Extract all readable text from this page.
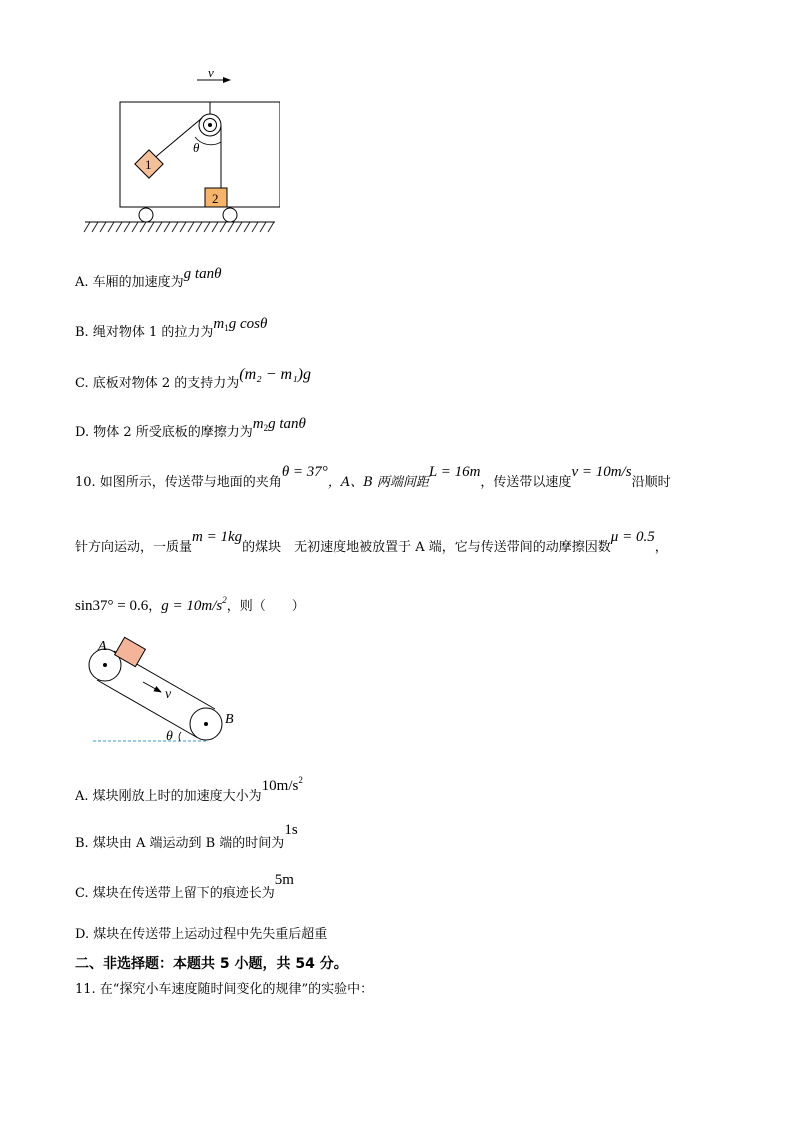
v
θ
1
2
A. 车厢的加速度为g tanθ
B. 绳对物体 1 的拉力为$m_1g$ cosθ
C. 底板对物体 2 的支持力为(m₂ − m₁)g
D. 物体 2 所受底板的摩擦力为$m_2g$ tanθ
10. 如图所示，传送带与地面的夹角θ = 37°，A、B 两端间距L = 16m，传送带以速度v = 10m/s沿顺时
针方向运动，一质量m = 1kg的煤块　无初速度地被放置于 A 端，它与传送带间的动摩擦因数μ = 0.5，
sin37° = 0.6，$g = 10m/s^2$，则（　　）
A
B
v
θ
A. 煤块刚放上时的加速度大小为$10m/s^2$
B. 煤块由 A 端运动到 B 端的时间为1s
C. 煤块在传送带上留下的痕迹长为5m
D. 煤块在传送带上运动过程中先失重后超重
二、非选择题：本题共 5 小题，共 54 分。
11. 在“探究小车速度随时间变化的规律”的实验中：
